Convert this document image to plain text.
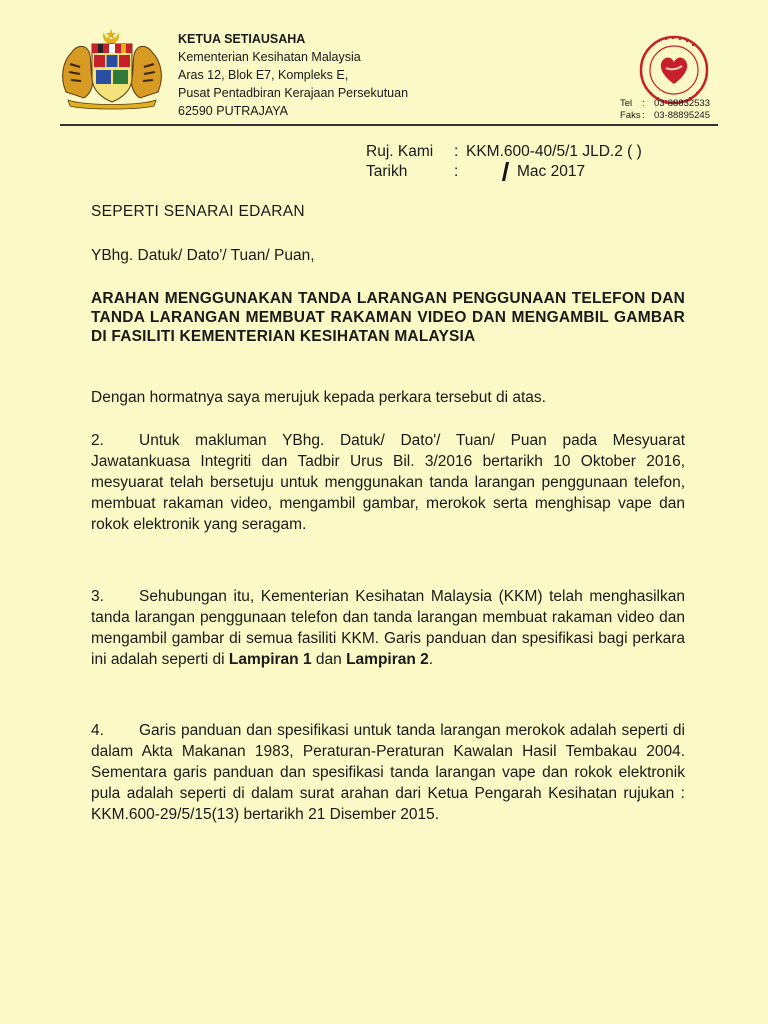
KETUA SETIAUSAHA
Kementerian Kesihatan Malaysia
Aras 12, Blok E7, Kompleks E,
Pusat Pentadbiran Kerajaan Persekutuan
62590 PUTRAJAYA
Tel	: 03-88832533
Faks : 03-88895245
Ruj. Kami	: KKM.600-40/5/1 JLD.2 ( )
Tarikh	:	Mac 2017
SEPERTI SENARAI EDARAN
YBhg. Datuk/ Dato'/ Tuan/ Puan,
ARAHAN MENGGUNAKAN TANDA LARANGAN PENGGUNAAN TELEFON DAN TANDA LARANGAN MEMBUAT RAKAMAN VIDEO DAN MENGAMBIL GAMBAR DI FASILITI KEMENTERIAN KESIHATAN MALAYSIA
Dengan hormatnya saya merujuk kepada perkara tersebut di atas.
2. Untuk makluman YBhg. Datuk/ Dato'/ Tuan/ Puan pada Mesyuarat Jawatankuasa Integriti dan Tadbir Urus Bil. 3/2016 bertarikh 10 Oktober 2016, mesyuarat telah bersetuju untuk menggunakan tanda larangan penggunaan telefon, membuat rakaman video, mengambil gambar, merokok serta menghisap vape dan rokok elektronik yang seragam.
3. Sehubungan itu, Kementerian Kesihatan Malaysia (KKM) telah menghasilkan tanda larangan penggunaan telefon dan tanda larangan membuat rakaman video dan mengambil gambar di semua fasiliti KKM. Garis panduan dan spesifikasi bagi perkara ini adalah seperti di Lampiran 1 dan Lampiran 2.
4. Garis panduan dan spesifikasi untuk tanda larangan merokok adalah seperti di dalam Akta Makanan 1983, Peraturan-Peraturan Kawalan Hasil Tembakau 2004. Sementara garis panduan dan spesifikasi tanda larangan vape dan rokok elektronik pula adalah seperti di dalam surat arahan dari Ketua Pengarah Kesihatan rujukan : KKM.600-29/5/15(13) bertarikh 21 Disember 2015.
